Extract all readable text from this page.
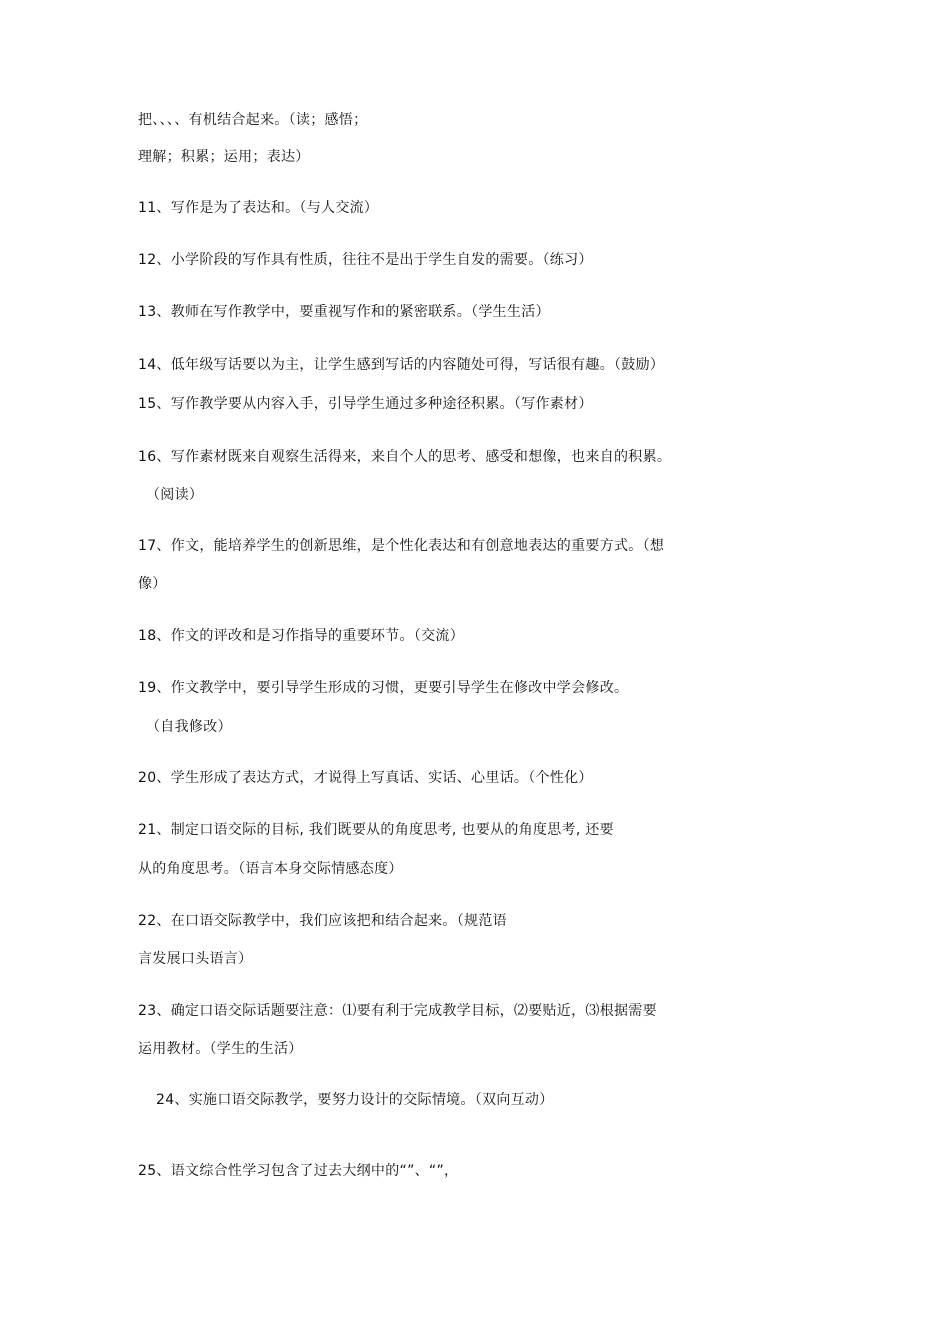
把、、、、有机结合起来。（读；感悟；
理解；积累；运用；表达）
11、写作是为了表达和。（与人交流）
12、小学阶段的写作具有性质，往往不是出于学生自发的需要。（练习）
13、教师在写作教学中，要重视写作和的紧密联系。（学生生活）
14、低年级写话要以为主，让学生感到写话的内容随处可得，写话很有趣。（鼓励）
15、写作教学要从内容入手，引导学生通过多种途径积累。（写作素材）
16、写作素材既来自观察生活得来，来自个人的思考、感受和想像，也来自的积累。
（阅读）
17、作文，能培养学生的创新思维，是个性化表达和有创意地表达的重要方式。（想
像）
18、作文的评改和是习作指导的重要环节。（交流）
19、作文教学中，要引导学生形成的习惯，更要引导学生在修改中学会修改。
（自我修改）
20、学生形成了表达方式，才说得上写真话、实话、心里话。（个性化）
21、制定口语交际的目标, 我们既要从的角度思考, 也要从的角度思考, 还要
从的角度思考。（语言本身交际情感态度）
22、在口语交际教学中，我们应该把和结合起来。（规范语
言发展口头语言）
23、确定口语交际话题要注意：⑴要有利于完成教学目标，⑵要贴近，⑶根据需要
运用教材。（学生的生活）
24、实施口语交际教学，要努力设计的交际情境。（双向互动）
25、语文综合性学习包含了过去大纲中的“”、“”，
